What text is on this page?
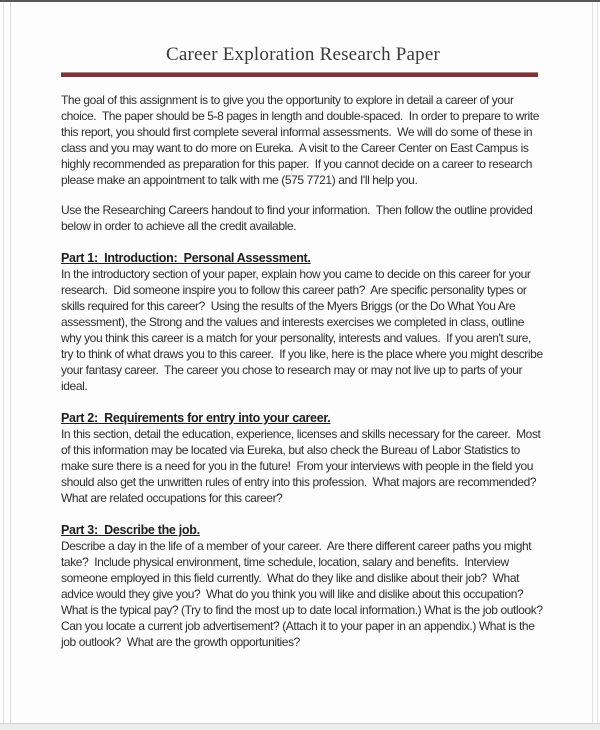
Career Exploration Research Paper

The goal of this assignment is to give you the opportunity to explore in detail a career of your choice.  The paper should be 5-8 pages in length and double-spaced.  In order to prepare to write this report, you should first complete several informal assessments.  We will do some of these in class and you may want to do more on Eureka.  A visit to the Career Center on East Campus is highly recommended as preparation for this paper.  If you cannot decide on a career to research please make an appointment to talk with me (575 7721) and I'll help you.

Use the Researching Careers handout to find your information.  Then follow the outline provided below in order to achieve all the credit available.

Part 1:  Introduction:  Personal Assessment.

In the introductory section of your paper, explain how you came to decide on this career for your research.  Did someone inspire you to follow this career path?  Are specific personality types or skills required for this career?  Using the results of the Myers Briggs (or the Do What You Are assessment), the Strong and the values and interests exercises we completed in class, outline why you think this career is a match for your personality, interests and values.  If you aren't sure, try to think of what draws you to this career.  If you like, here is the place where you might describe your fantasy career.  The career you chose to research may or may not live up to parts of your ideal.

Part 2:  Requirements for entry into your career.

In this section, detail the education, experience, licenses and skills necessary for the career.  Most of this information may be located via Eureka, but also check the Bureau of Labor Statistics to make sure there is a need for you in the future!  From your interviews with people in the field you should also get the unwritten rules of entry into this profession.  What majors are recommended?  What are related occupations for this career?

Part 3:  Describe the job.

Describe a day in the life of a member of your career.  Are there different career paths you might take?  Include physical environment, time schedule, location, salary and benefits.  Interview someone employed in this field currently.  What do they like and dislike about their job?  What advice would they give you?  What do you think you will like and dislike about this occupation?  What is the typical pay? (Try to find the most up to date local information.) What is the job outlook?  Can you locate a current job advertisement? (Attach it to your paper in an appendix.) What is the job outlook?  What are the growth opportunities?
